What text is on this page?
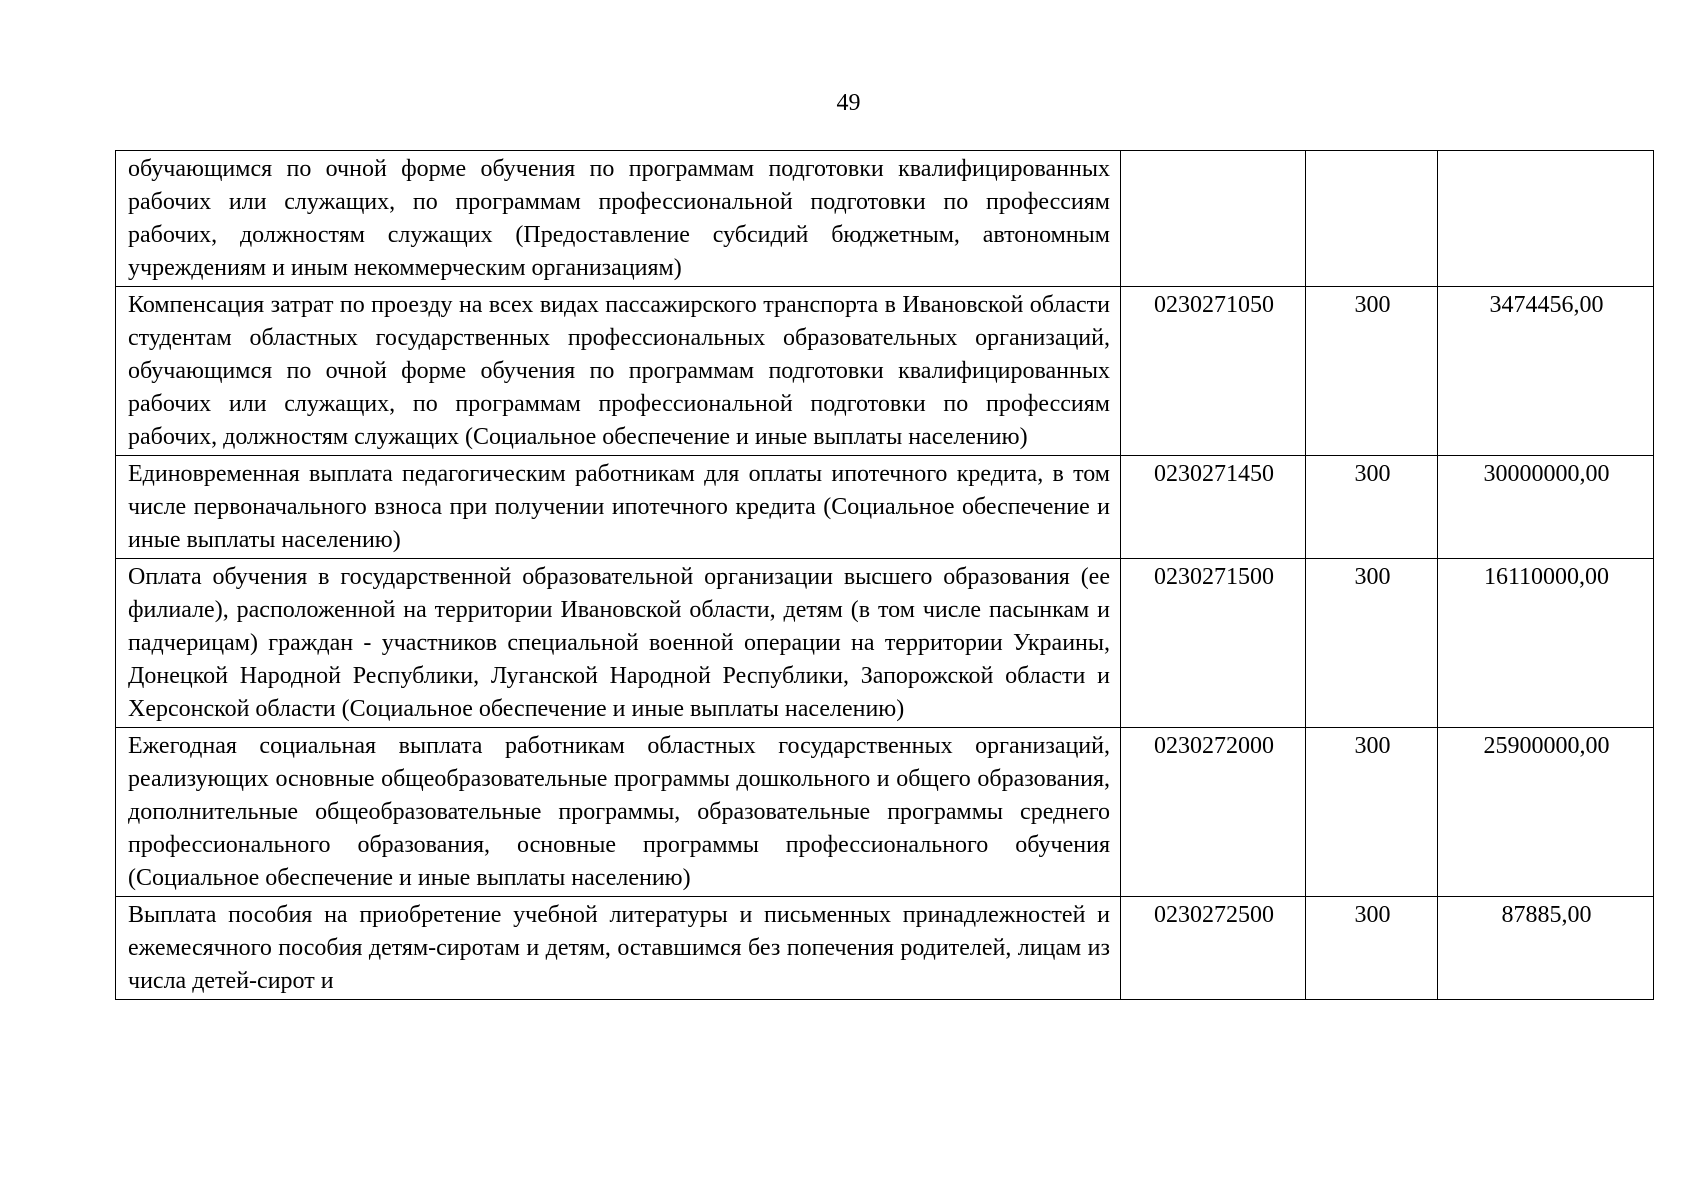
49
обучающимся по очной форме обучения по программам подготовки квалифицированных рабочих или служащих, по программам профессиональной подготовки по профессиям рабочих, должностям служащих (Предоставление субсидий бюджетным, автономным учреждениям и иным некоммерческим организациям)			
Компенсация затрат по проезду на всех видах пассажирского транспорта в Ивановской области студентам областных государственных профессиональных образовательных организаций, обучающимся по очной форме обучения по программам подготовки квалифицированных рабочих или служащих, по программам профессиональной подготовки по профессиям рабочих, должностям служащих (Социальное обеспечение и иные выплаты населению)	0230271050	300	3474456,00
Единовременная выплата педагогическим работникам для оплаты ипотечного кредита, в том числе первоначального взноса при получении ипотечного кредита (Социальное обеспечение и иные выплаты населению)	0230271450	300	30000000,00
Оплата обучения в государственной образовательной организации высшего образования (ее филиале), расположенной на территории Ивановской области, детям (в том числе пасынкам и падчерицам) граждан - участников специальной военной операции на территории Украины, Донецкой Народной Республики, Луганской Народной Республики, Запорожской области и Херсонской области (Социальное обеспечение и иные выплаты населению)	0230271500	300	16110000,00
Ежегодная социальная выплата работникам областных государственных организаций, реализующих основные общеобразовательные программы дошкольного и общего образования, дополнительные общеобразовательные программы, образовательные программы среднего профессионального образования, основные программы профессионального обучения (Социальное обеспечение и иные выплаты населению)	0230272000	300	25900000,00
Выплата пособия на приобретение учебной литературы и письменных принадлежностей и ежемесячного пособия детям-сиротам и детям, оставшимся без попечения родителей, лицам из числа детей-сирот и	0230272500	300	87885,00
